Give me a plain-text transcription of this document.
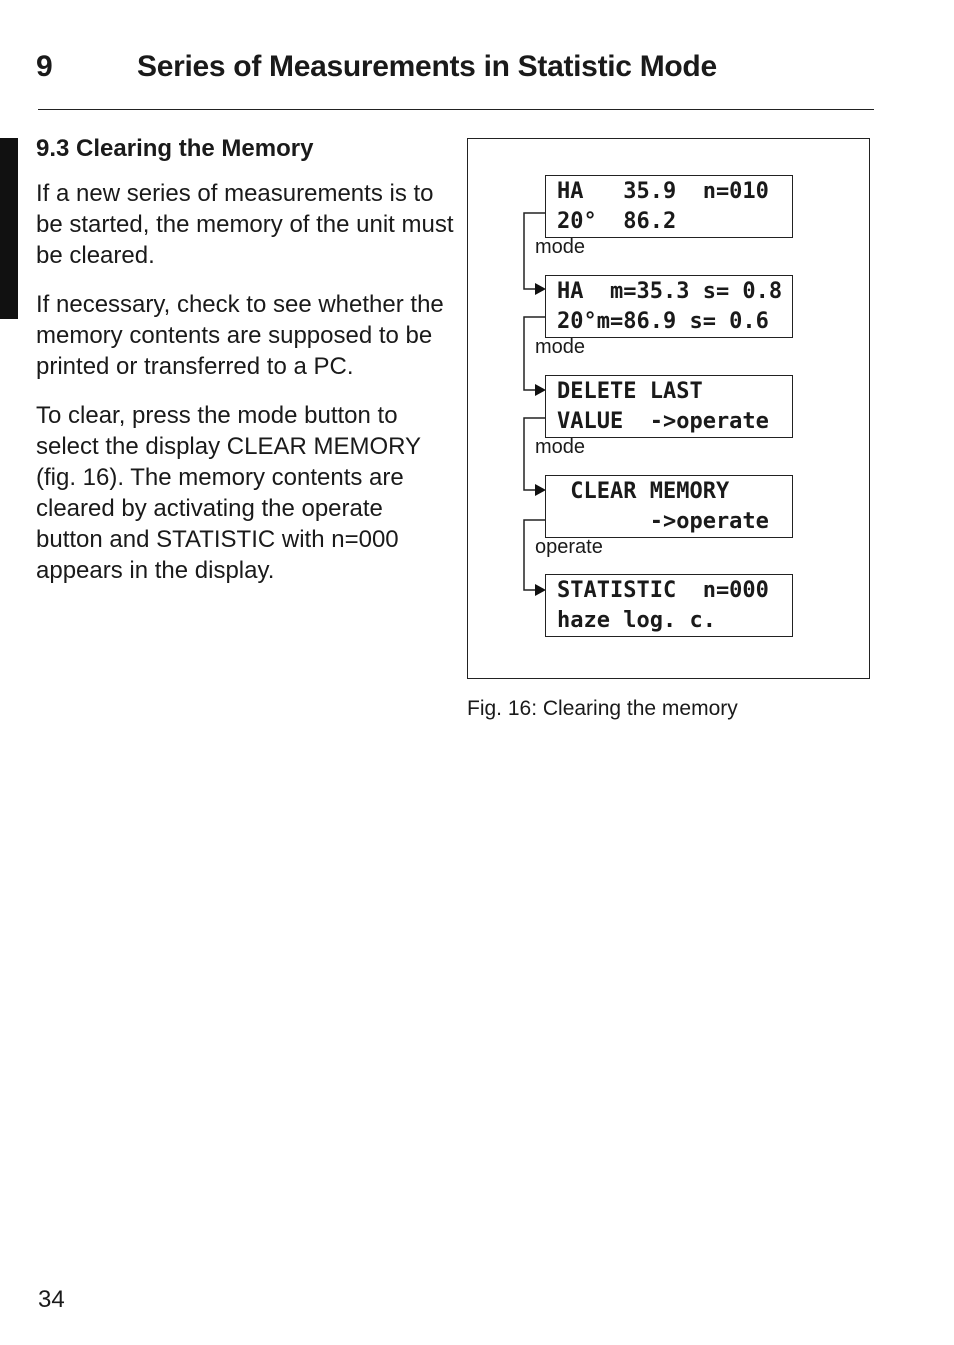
9	Series of Measurements in Statistic Mode
9.3 Clearing the Memory

If a new series of measurements is to be started, the memory of the unit must be cleared.

If necessary, check to see whether the memory contents are supposed to be printed or transferred to a PC.

To clear, press the mode button to select the display CLEAR MEMORY (fig. 16). The memory contents are cleared by activating the operate button and STATISTIC with n=000 appears in the display.

HA   35.9  n=010
20°  86.2
mode
HA  m=35.3 s= 0.8
20°m=86.9 s= 0.6
mode
DELETE LAST
VALUE  ->operate
mode
CLEAR MEMORY
->operate
operate
STATISTIC  n=000
haze log. c.
Fig. 16: Clearing the memory
34
